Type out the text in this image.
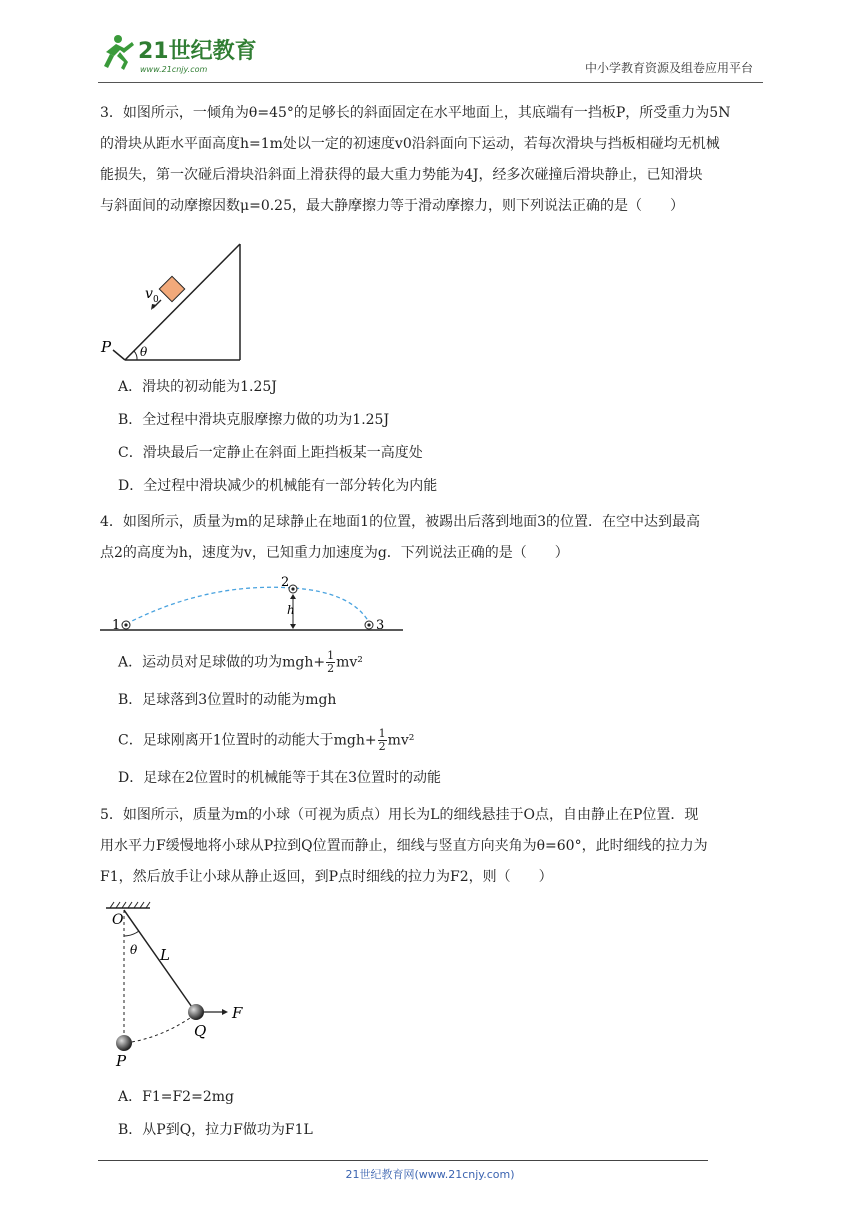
21世纪教育
www.21cnjy.com	中小学教育资源及组卷应用平台
3．如图所示，一倾角为θ=45°的足够长的斜面固定在水平地面上，其底端有一挡板P，所受重力为5N
的滑块从距水平面高度h=1m处以一定的初速度v0沿斜面向下运动，若每次滑块与挡板相碰均无机械
能损失，第一次碰后滑块沿斜面上滑获得的最大重力势能为4J，经多次碰撞后滑块静止，已知滑块
与斜面间的动摩擦因数μ=0.25，最大静摩擦力等于滑动摩擦力，则下列说法正确的是（　　）
v 0
P θ
A．滑块的初动能为1.25J
B．全过程中滑块克服摩擦力做的功为1.25J
C．滑块最后一定静止在斜面上距挡板某一高度处
D．全过程中滑块减少的机械能有一部分转化为内能
4．如图所示，质量为m的足球静止在地面1的位置，被踢出后落到地面3的位置．在空中达到最高
点2的高度为h，速度为v，已知重力加速度为g．下列说法正确的是（　　）
1
2
3
h
A．运动员对足球做的功为$mgh+ \frac{1}{2} mv^2$
B．足球落到3位置时的动能为mgh
C．足球刚离开1位置时的动能大于$mgh+ \frac{1}{2} mv^2$
D．足球在2位置时的机械能等于其在3位置时的动能
5．如图所示，质量为m的小球（可视为质点）用长为L的细线悬挂于O点，自由静止在P位置．现
用水平力F缓慢地将小球从P拉到Q位置而静止，细线与竖直方向夹角为θ=60°，此时细线的拉力为
F1，然后放手让小球从静止返回，到P点时细线的拉力为F2，则（　　）
O
θ L
F
Q
P
A．F1=F2=2mg
B．从P到Q，拉力F做功为F1L
21世纪教育网(www.21cnjy.com)
